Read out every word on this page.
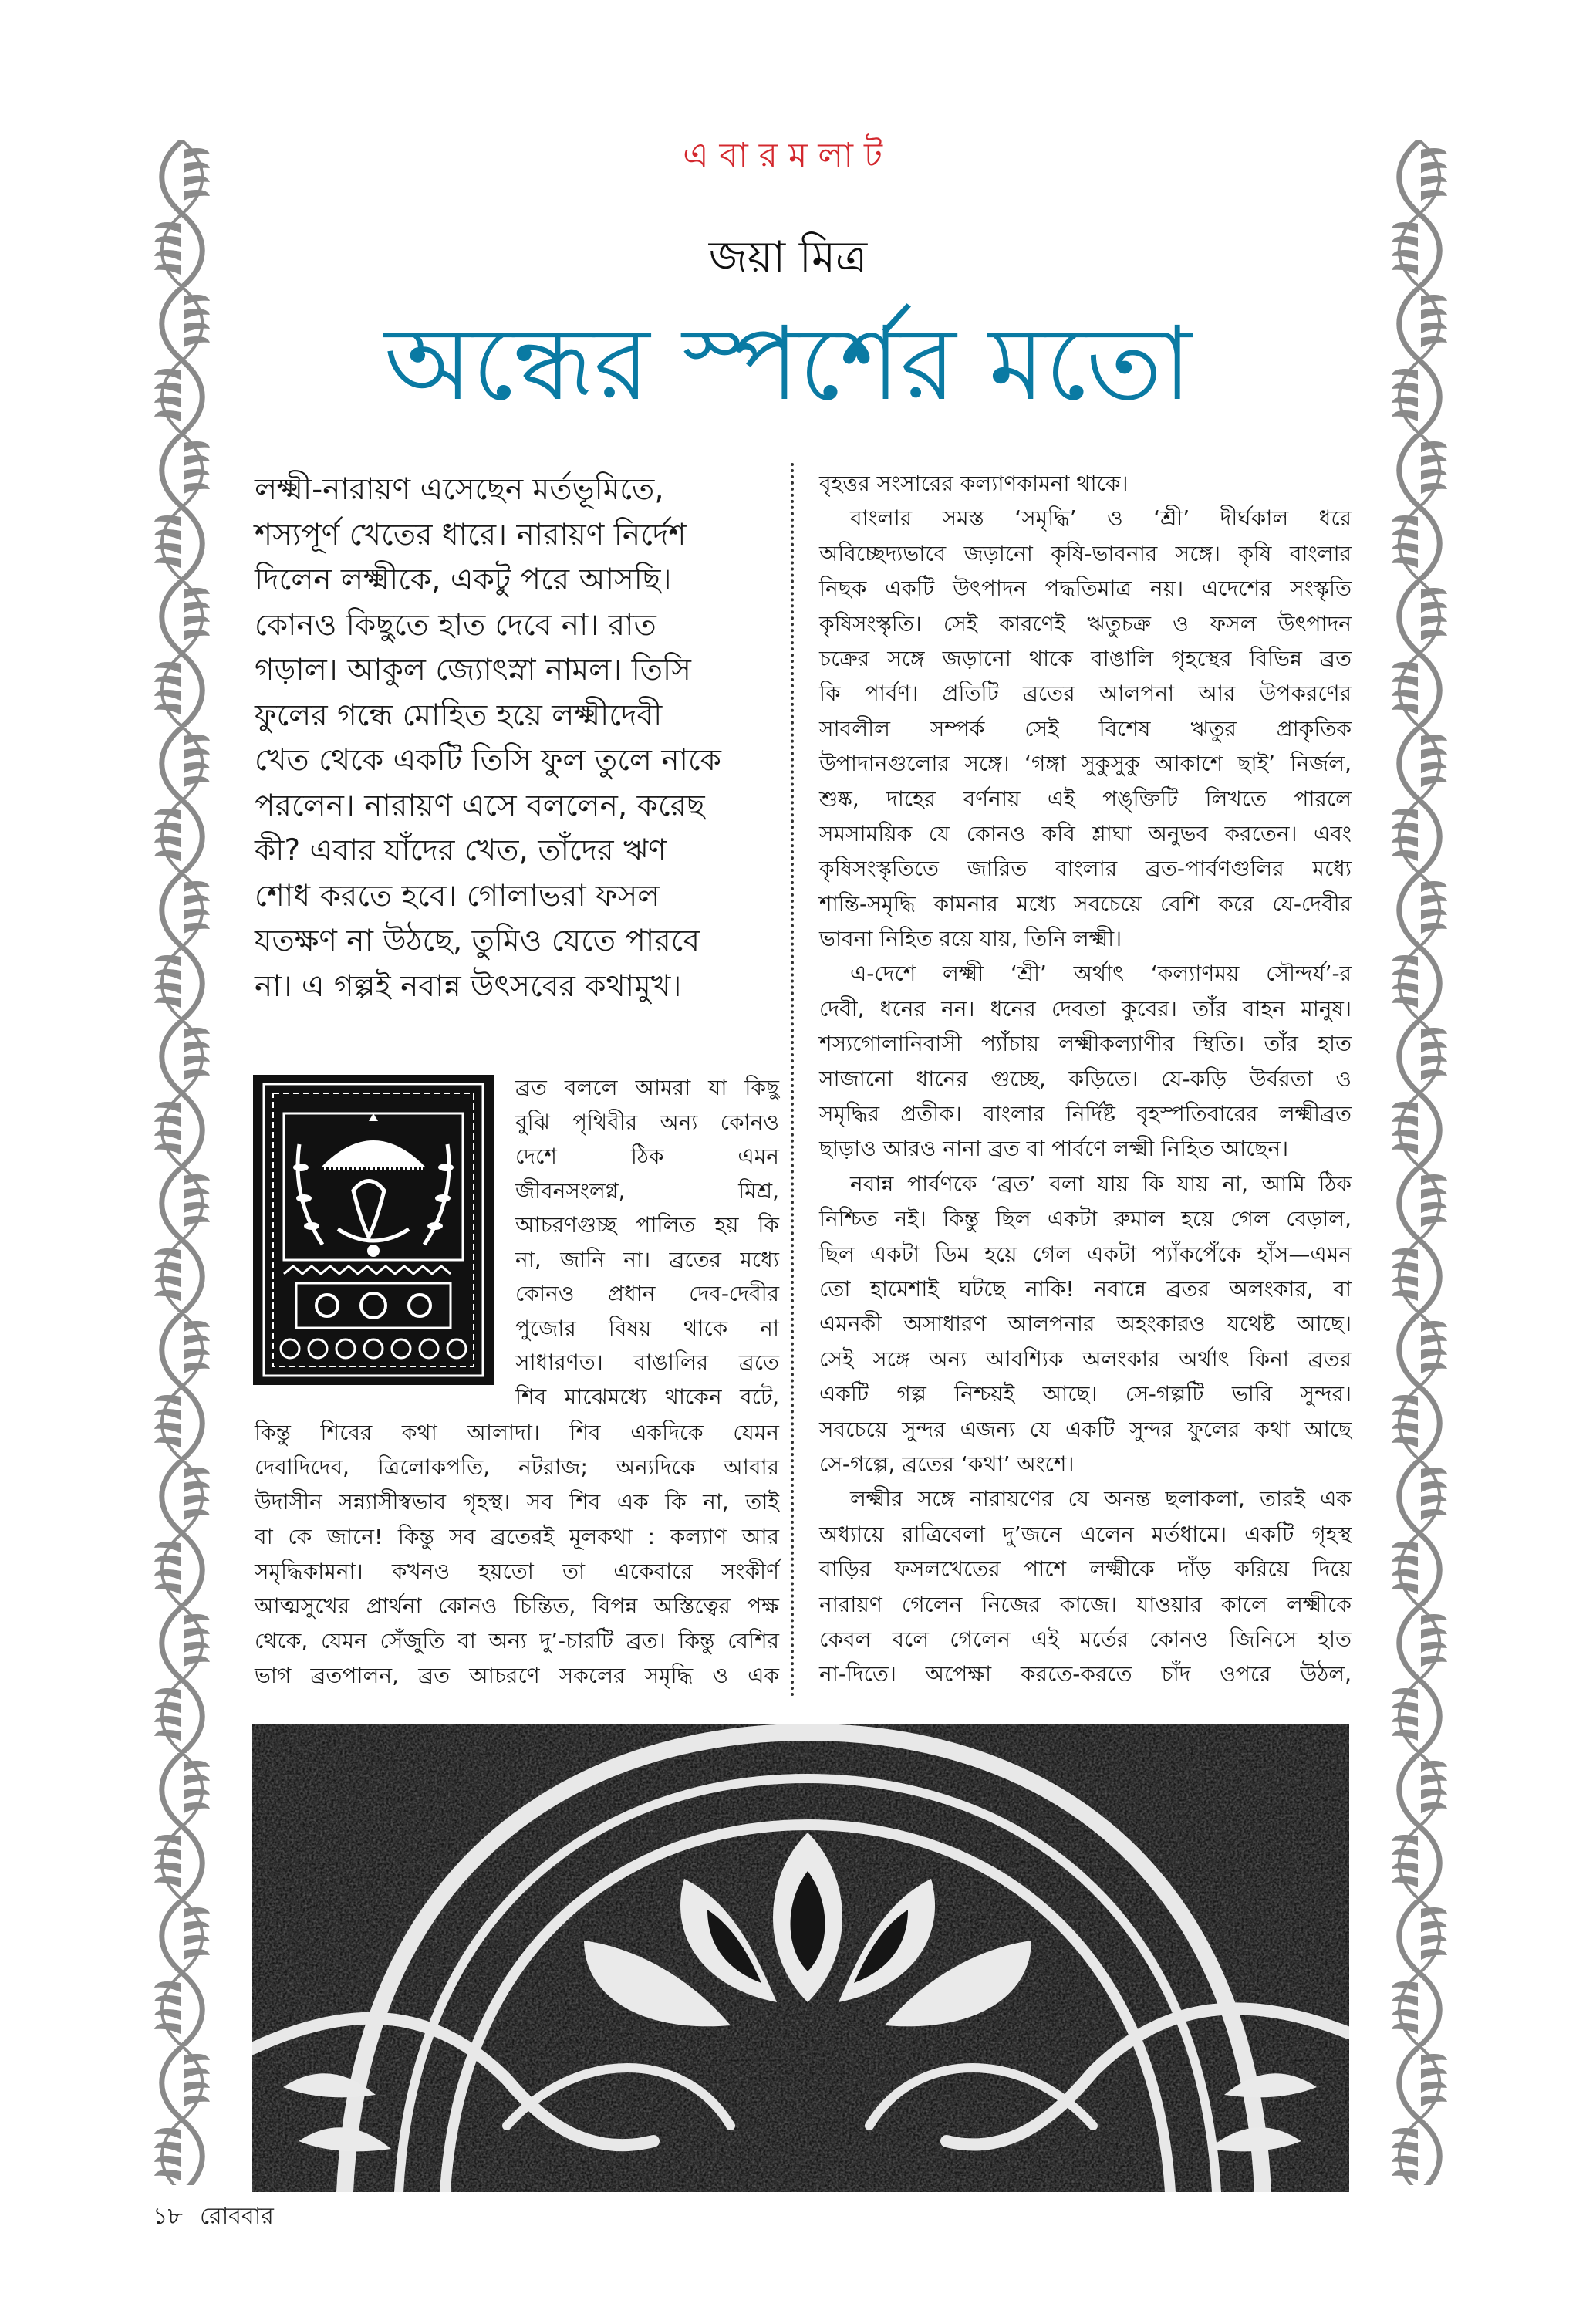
এবারমলাট
জয়া মিত্র
অন্ধের স্পর্শের মতো
লক্ষ্মী-নারায়ণ এসেছেন মর্তভূমিতে,
শস্যপূর্ণ খেতের ধারে। নারায়ণ নির্দেশ
দিলেন লক্ষ্মীকে, একটু পরে আসছি।
কোনও কিছুতে হাত দেবে না। রাত
গড়াল। আকুল জ্যোৎস্না নামল। তিসি
ফুলের গন্ধে মোহিত হয়ে লক্ষ্মীদেবী
খেত থেকে একটি তিসি ফুল তুলে নাকে
পরলেন। নারায়ণ এসে বললেন, করেছ
কী? এবার যাঁদের খেত, তাঁদের ঋণ
শোধ করতে হবে। গোলাভরা ফসল
যতক্ষণ না উঠছে, তুমিও যেতে পারবে
না। এ গল্পই নবান্ন উৎসবের কথামুখ।
ব্রত বললে আমরা যা কিছু
বুঝি পৃথিবীর অন্য কোনও
দেশে ঠিক এমন
জীবনসংলগ্ন, মিশ্র,
আচরণগুচ্ছ পালিত হয় কি
না, জানি না। ব্রতের মধ্যে
কোনও প্রধান দেব-দেবীর
পুজোর বিষয় থাকে না
সাধারণত। বাঙালির ব্রতে
শিব মাঝেমধ্যে থাকেন বটে,
কিন্তু শিবের কথা আলাদা। শিব একদিকে যেমন
দেবাদিদেব, ত্রিলোকপতি, নটরাজ; অন্যদিকে আবার
উদাসীন সন্ন্যাসীস্বভাব গৃহস্থ। সব শিব এক কি না, তাই
বা কে জানে! কিন্তু সব ব্রতেরই মূলকথা : কল্যাণ আর
সমৃদ্ধিকামনা। কখনও হয়তো তা একেবারে সংকীর্ণ
আত্মসুখের প্রার্থনা কোনও চিন্তিত, বিপন্ন অস্তিত্বের পক্ষ
থেকে, যেমন সেঁজুতি বা অন্য দু’-চারটি ব্রত। কিন্তু বেশির
ভাগ ব্রতপালন, ব্রত আচরণে সকলের সমৃদ্ধি ও এক
বৃহত্তর সংসারের কল্যাণকামনা থাকে।
বাংলার সমস্ত ‘সমৃদ্ধি’ ও ‘শ্রী’ দীর্ঘকাল ধরে
অবিচ্ছেদ্যভাবে জড়ানো কৃষি-ভাবনার সঙ্গে। কৃষি বাংলার
নিছক একটি উৎপাদন পদ্ধতিমাত্র নয়। এদেশের সংস্কৃতি
কৃষিসংস্কৃতি। সেই কারণেই ঋতুচক্র ও ফসল উৎপাদন
চক্রের সঙ্গে জড়ানো থাকে বাঙালি গৃহস্থের বিভিন্ন ব্রত
কি পার্বণ। প্রতিটি ব্রতের আলপনা আর উপকরণের
সাবলীল সম্পর্ক সেই বিশেষ ঋতুর প্রাকৃতিক
উপাদানগুলোর সঙ্গে। ‘গঙ্গা সুকুসুকু আকাশে ছাই’ নির্জল,
শুষ্ক, দাহের বর্ণনায় এই পঙ্‌ক্তিটি লিখতে পারলে
সমসাময়িক যে কোনও কবি শ্লাঘা অনুভব করতেন। এবং
কৃষিসংস্কৃতিতে জারিত বাংলার ব্রত-পার্বণগুলির মধ্যে
শান্তি-সমৃদ্ধি কামনার মধ্যে সবচেয়ে বেশি করে যে-দেবীর
ভাবনা নিহিত রয়ে যায়, তিনি লক্ষ্মী।
এ-দেশে লক্ষ্মী ‘শ্রী’ অর্থাৎ ‘কল্যাণময় সৌন্দর্য’-র
দেবী, ধনের নন। ধনের দেবতা কুবের। তাঁর বাহন মানুষ।
শস্যগোলানিবাসী প্যাঁচায় লক্ষ্মীকল্যাণীর স্থিতি। তাঁর হাত
সাজানো ধানের গুচ্ছে, কড়িতে। যে-কড়ি উর্বরতা ও
সমৃদ্ধির প্রতীক। বাংলার নির্দিষ্ট বৃহস্পতিবারের লক্ষ্মীব্রত
ছাড়াও আরও নানা ব্রত বা পার্বণে লক্ষ্মী নিহিত আছেন।
নবান্ন পার্বণকে ‘ব্রত’ বলা যায় কি যায় না, আমি ঠিক
নিশ্চিত নই। কিন্তু ছিল একটা রুমাল হয়ে গেল বেড়াল,
ছিল একটা ডিম হয়ে গেল একটা প্যাঁকপেঁকে হাঁস—এমন
তো হামেশাই ঘটছে নাকি! নবান্নে ব্রতর অলংকার, বা
এমনকী অসাধারণ আলপনার অহংকারও যথেষ্ট আছে।
সেই সঙ্গে অন্য আবশ্যিক অলংকার অর্থাৎ কিনা ব্রতর
একটি গল্প নিশ্চয়ই আছে। সে-গল্পটি ভারি সুন্দর।
সবচেয়ে সুন্দর এজন্য যে একটি সুন্দর ফুলের কথা আছে
সে-গল্পে, ব্রতের ‘কথা’ অংশে।
লক্ষ্মীর সঙ্গে নারায়ণের যে অনন্ত ছলাকলা, তারই এক
অধ্যায়ে রাত্রিবেলা দু’জনে এলেন মর্তধামে। একটি গৃহস্থ
বাড়ির ফসলখেতের পাশে লক্ষ্মীকে দাঁড় করিয়ে দিয়ে
নারায়ণ গেলেন নিজের কাজে। যাওয়ার কালে লক্ষ্মীকে
কেবল বলে গেলেন এই মর্তের কোনও জিনিসে হাত
না-দিতে। অপেক্ষা করতে-করতে চাঁদ ওপরে উঠল,
১৮ রোববার
